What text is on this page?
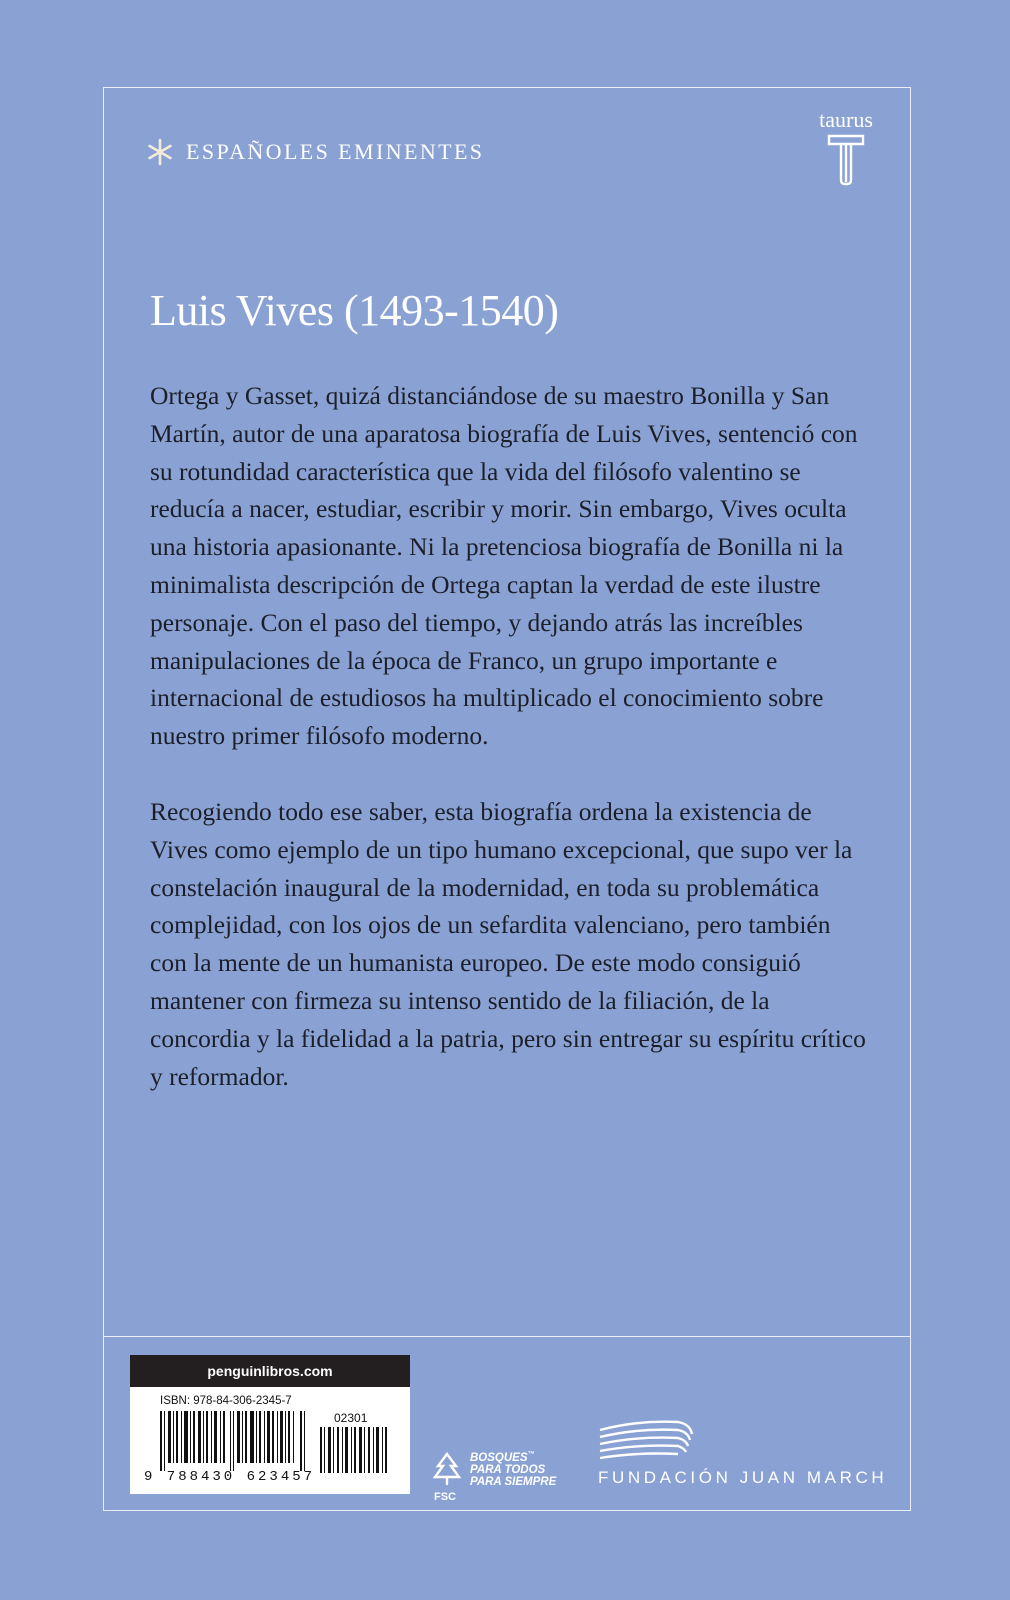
ESPAÑOLES EMINENTES
taurus
Luis Vives (1493-1540)

Ortega y Gasset, quizá distanciándose de su maestro Bonilla y San Martín, autor de una aparatosa biografía de Luis Vives, sentenció con su rotundidad característica que la vida del filósofo valentino se reducía a nacer, estudiar, escribir y morir. Sin embargo, Vives oculta una historia apasionante. Ni la pretenciosa biografía de Bonilla ni la minimalista descripción de Ortega captan la verdad de este ilustre personaje. Con el paso del tiempo, y dejando atrás las increíbles manipulaciones de la época de Franco, un grupo importante e internacional de estudiosos ha multiplicado el conocimiento sobre nuestro primer filósofo moderno.

Recogiendo todo ese saber, esta biografía ordena la existencia de Vives como ejemplo de un tipo humano excepcional, que supo ver la constelación inaugural de la modernidad, en toda su problemática complejidad, con los ojos de un sefardita valenciano, pero también con la mente de un humanista europeo. De este modo consiguió mantener con firmeza su intenso sentido de la filiación, de la concordia y la fidelidad a la patria, pero sin entregar su espíritu crítico y reformador.

penguinlibros.com
ISBN: 978-84-306-2345-7
02301
9 788430 623457
BOSQUES™
PARA TODOS
PARA SIEMPRE
FSC
FUNDACIÓN JUAN MARCH
